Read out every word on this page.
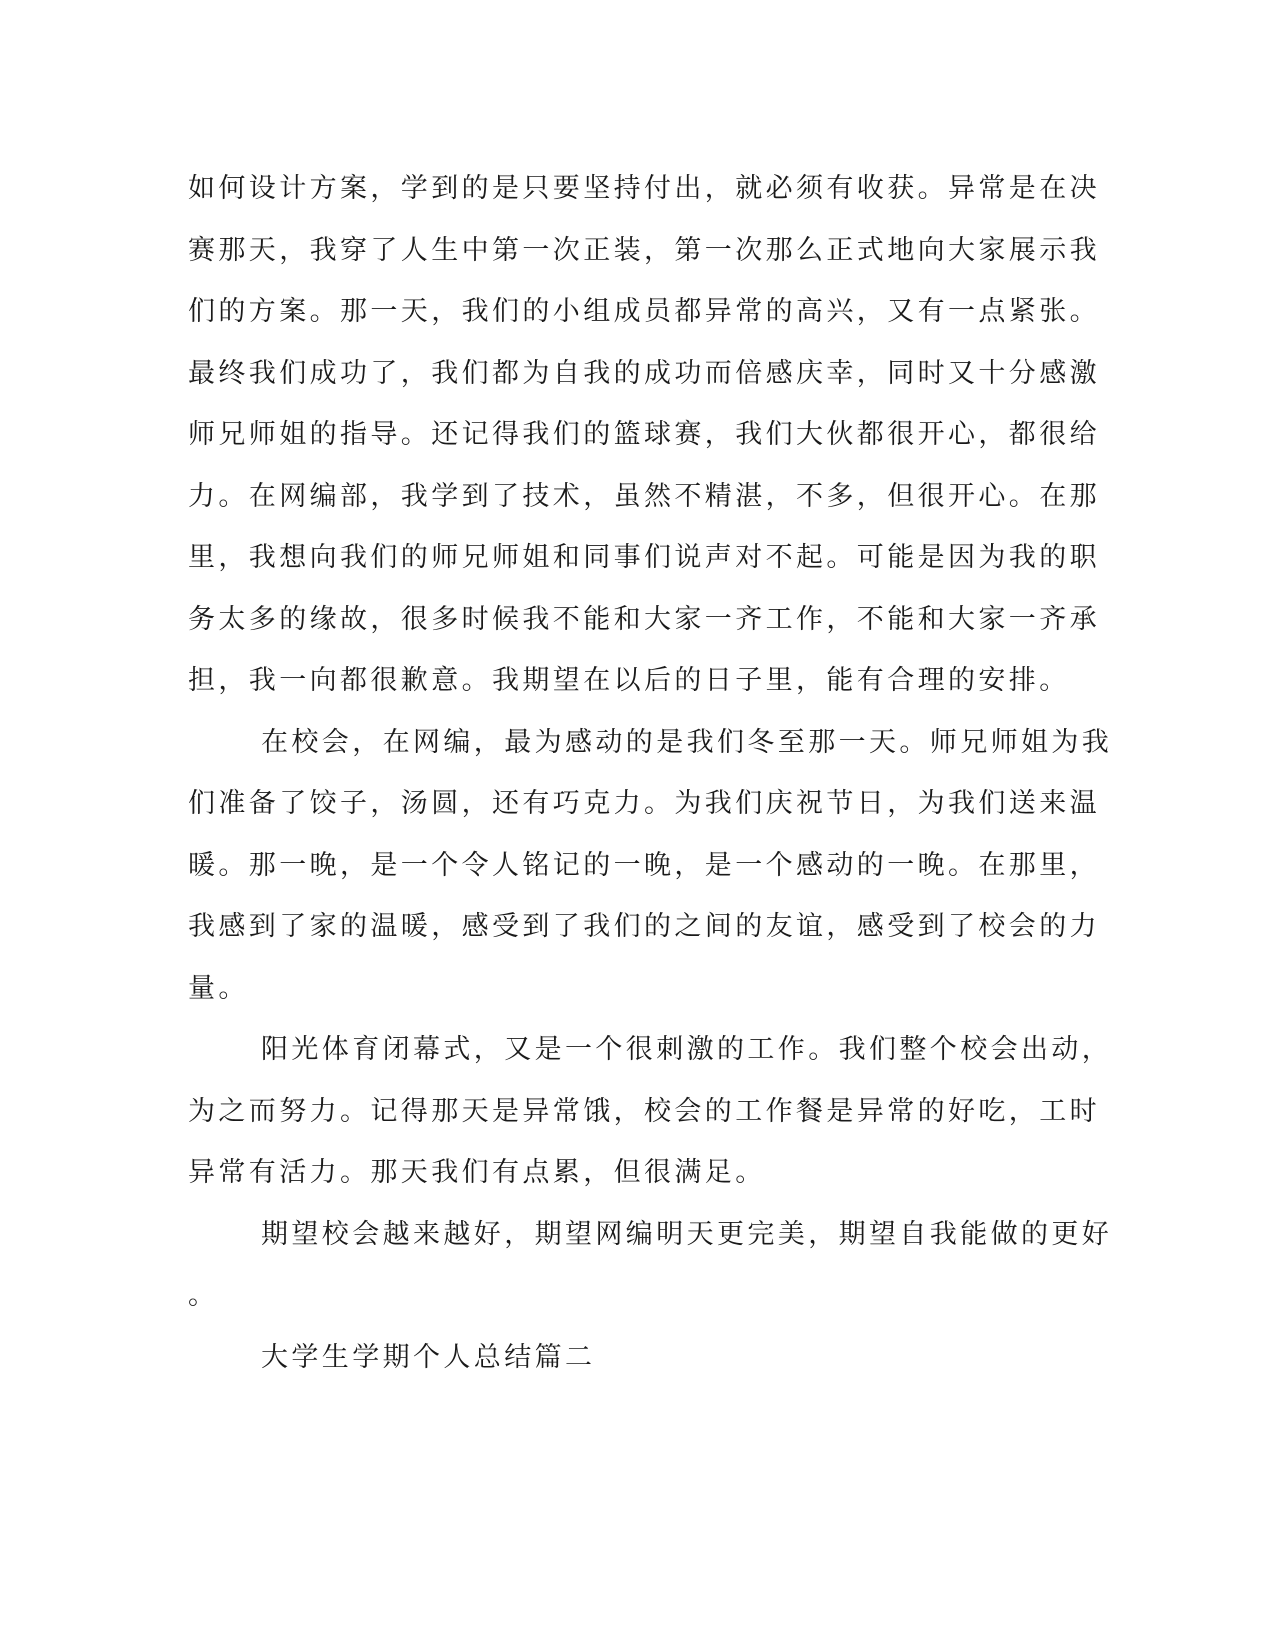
如何设计方案，学到的是只要坚持付出，就必须有收获。异常是在决
赛那天，我穿了人生中第一次正装，第一次那么正式地向大家展示我
们的方案。那一天，我们的小组成员都异常的高兴，又有一点紧张。
最终我们成功了，我们都为自我的成功而倍感庆幸，同时又十分感激
师兄师姐的指导。还记得我们的篮球赛，我们大伙都很开心，都很给
力。在网编部，我学到了技术，虽然不精湛，不多，但很开心。在那
里，我想向我们的师兄师姐和同事们说声对不起。可能是因为我的职
务太多的缘故，很多时候我不能和大家一齐工作，不能和大家一齐承
担，我一向都很歉意。我期望在以后的日子里，能有合理的安排。
在校会，在网编，最为感动的是我们冬至那一天。师兄师姐为我
们准备了饺子，汤圆，还有巧克力。为我们庆祝节日，为我们送来温
暖。那一晚，是一个令人铭记的一晚，是一个感动的一晚。在那里，
我感到了家的温暖，感受到了我们的之间的友谊，感受到了校会的力
量。
阳光体育闭幕式，又是一个很刺激的工作。我们整个校会出动，
为之而努力。记得那天是异常饿，校会的工作餐是异常的好吃，工时
异常有活力。那天我们有点累，但很满足。
期望校会越来越好，期望网编明天更完美，期望自我能做的更好
。
大学生学期个人总结篇二
